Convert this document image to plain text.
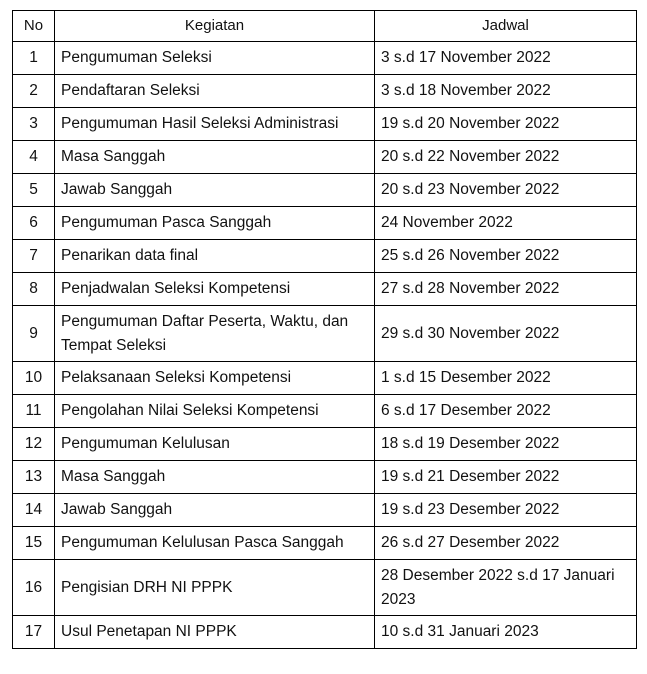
No	Kegiatan	Jadwal
1	Pengumuman Seleksi	3 s.d 17 November 2022
2	Pendaftaran Seleksi	3 s.d 18 November 2022
3	Pengumuman Hasil Seleksi Administrasi	19 s.d 20 November 2022
4	Masa Sanggah	20 s.d 22 November 2022
5	Jawab Sanggah	20 s.d 23 November 2022
6	Pengumuman Pasca Sanggah	24 November 2022
7	Penarikan data final	25 s.d 26 November 2022
8	Penjadwalan Seleksi Kompetensi	27 s.d 28 November 2022
9	Pengumuman Daftar Peserta, Waktu, dan Tempat Seleksi	29 s.d 30 November 2022
10	Pelaksanaan Seleksi Kompetensi	1 s.d 15 Desember 2022
11	Pengolahan Nilai Seleksi Kompetensi	6 s.d 17 Desember 2022
12	Pengumuman Kelulusan	18 s.d 19 Desember 2022
13	Masa Sanggah	19 s.d 21 Desember 2022
14	Jawab Sanggah	19 s.d 23 Desember 2022
15	Pengumuman Kelulusan Pasca Sanggah	26 s.d 27 Desember 2022
16	Pengisian DRH NI PPPK	28 Desember 2022 s.d 17 Januari 2023
17	Usul Penetapan NI PPPK	10 s.d 31 Januari 2023
